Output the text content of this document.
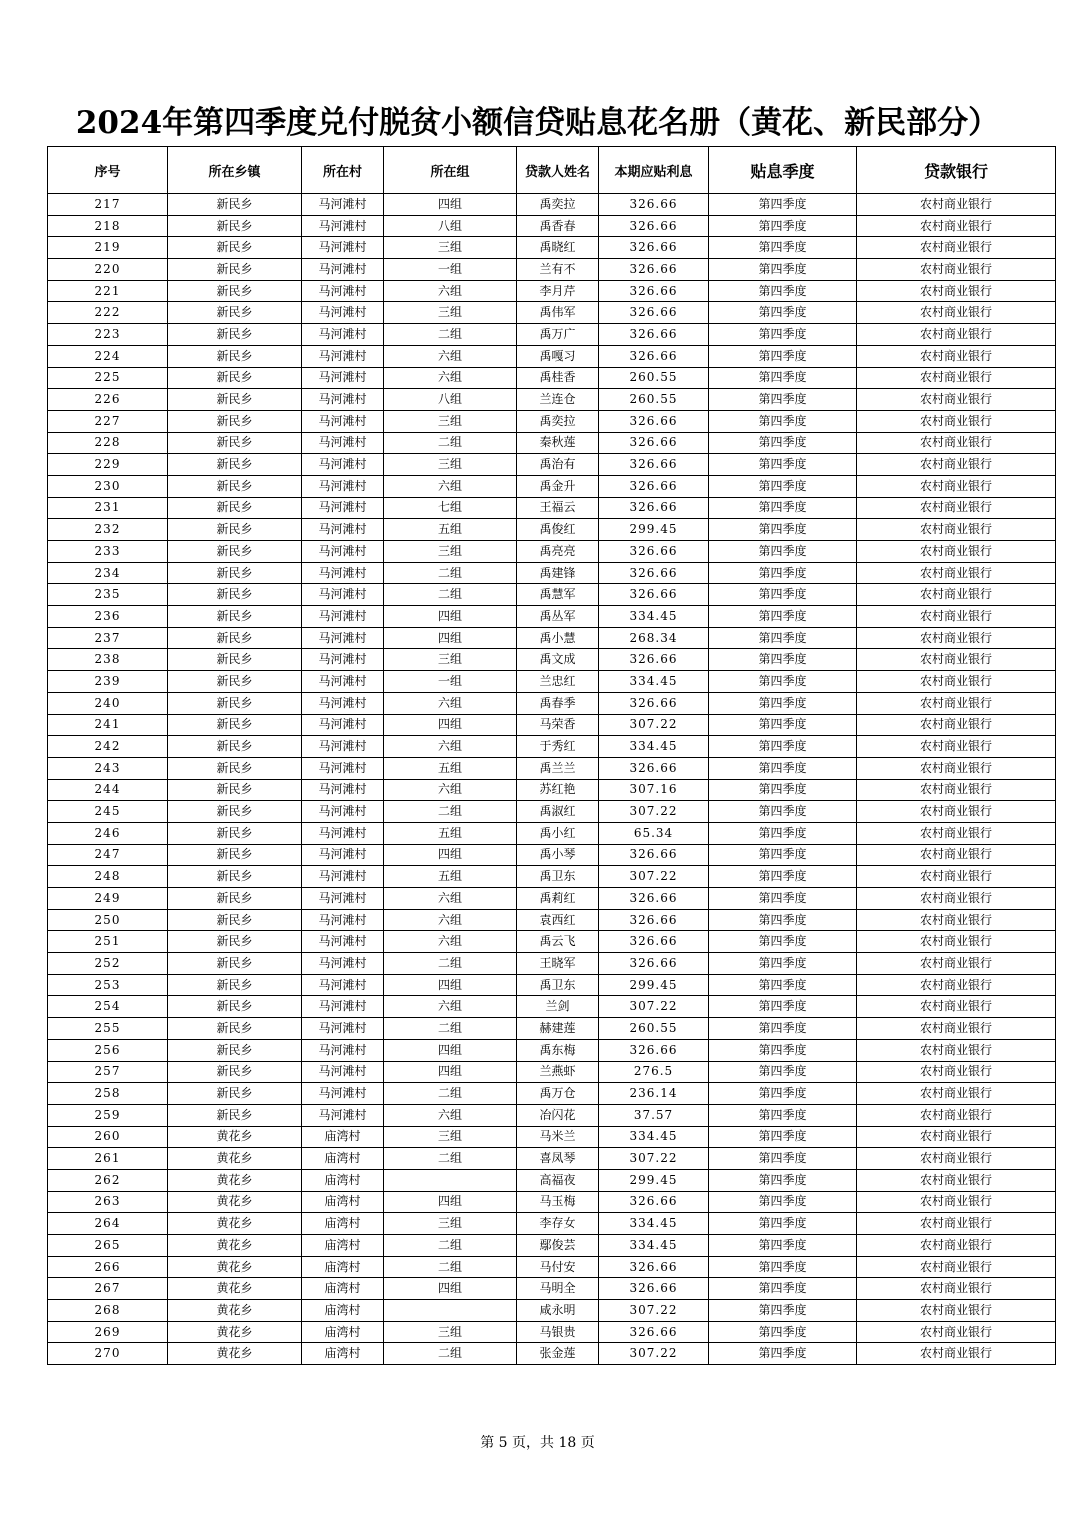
2024年第四季度兑付脱贫小额信贷贴息花名册（黄花、新民部分）
序号	所在乡镇	所在村	所在组	贷款人姓名	本期应贴利息	贴息季度	贷款银行
217	新民乡	马河滩村	四组	禹奕拉	326.66	第四季度	农村商业银行
218	新民乡	马河滩村	八组	禹香春	326.66	第四季度	农村商业银行
219	新民乡	马河滩村	三组	禹晓红	326.66	第四季度	农村商业银行
220	新民乡	马河滩村	一组	兰有不	326.66	第四季度	农村商业银行
221	新民乡	马河滩村	六组	李月芹	326.66	第四季度	农村商业银行
222	新民乡	马河滩村	三组	禹伟军	326.66	第四季度	农村商业银行
223	新民乡	马河滩村	二组	禹万广	326.66	第四季度	农村商业银行
224	新民乡	马河滩村	六组	禹嘎习	326.66	第四季度	农村商业银行
225	新民乡	马河滩村	六组	禹桂香	260.55	第四季度	农村商业银行
226	新民乡	马河滩村	八组	兰连仓	260.55	第四季度	农村商业银行
227	新民乡	马河滩村	三组	禹奕拉	326.66	第四季度	农村商业银行
228	新民乡	马河滩村	二组	秦秋莲	326.66	第四季度	农村商业银行
229	新民乡	马河滩村	三组	禹治有	326.66	第四季度	农村商业银行
230	新民乡	马河滩村	六组	禹金升	326.66	第四季度	农村商业银行
231	新民乡	马河滩村	七组	王福云	326.66	第四季度	农村商业银行
232	新民乡	马河滩村	五组	禹俊红	299.45	第四季度	农村商业银行
233	新民乡	马河滩村	三组	禹亮亮	326.66	第四季度	农村商业银行
234	新民乡	马河滩村	二组	禹建锋	326.66	第四季度	农村商业银行
235	新民乡	马河滩村	二组	禹慧军	326.66	第四季度	农村商业银行
236	新民乡	马河滩村	四组	禹丛军	334.45	第四季度	农村商业银行
237	新民乡	马河滩村	四组	禹小慧	268.34	第四季度	农村商业银行
238	新民乡	马河滩村	三组	禹文成	326.66	第四季度	农村商业银行
239	新民乡	马河滩村	一组	兰忠红	334.45	第四季度	农村商业银行
240	新民乡	马河滩村	六组	禹春季	326.66	第四季度	农村商业银行
241	新民乡	马河滩村	四组	马荣香	307.22	第四季度	农村商业银行
242	新民乡	马河滩村	六组	于秀红	334.45	第四季度	农村商业银行
243	新民乡	马河滩村	五组	禹兰兰	326.66	第四季度	农村商业银行
244	新民乡	马河滩村	六组	苏红艳	307.16	第四季度	农村商业银行
245	新民乡	马河滩村	二组	禹淑红	307.22	第四季度	农村商业银行
246	新民乡	马河滩村	五组	禹小红	65.34	第四季度	农村商业银行
247	新民乡	马河滩村	四组	禹小琴	326.66	第四季度	农村商业银行
248	新民乡	马河滩村	五组	禹卫东	307.22	第四季度	农村商业银行
249	新民乡	马河滩村	六组	禹莉红	326.66	第四季度	农村商业银行
250	新民乡	马河滩村	六组	袁西红	326.66	第四季度	农村商业银行
251	新民乡	马河滩村	六组	禹云飞	326.66	第四季度	农村商业银行
252	新民乡	马河滩村	二组	王晓军	326.66	第四季度	农村商业银行
253	新民乡	马河滩村	四组	禹卫东	299.45	第四季度	农村商业银行
254	新民乡	马河滩村	六组	兰剑	307.22	第四季度	农村商业银行
255	新民乡	马河滩村	二组	赫建莲	260.55	第四季度	农村商业银行
256	新民乡	马河滩村	四组	禹东梅	326.66	第四季度	农村商业银行
257	新民乡	马河滩村	四组	兰燕虾	276.5	第四季度	农村商业银行
258	新民乡	马河滩村	二组	禹万仓	236.14	第四季度	农村商业银行
259	新民乡	马河滩村	六组	冶闪花	37.57	第四季度	农村商业银行
260	黄花乡	庙湾村	三组	马米兰	334.45	第四季度	农村商业银行
261	黄花乡	庙湾村	二组	喜凤琴	307.22	第四季度	农村商业银行
262	黄花乡	庙湾村		高福夜	299.45	第四季度	农村商业银行
263	黄花乡	庙湾村	四组	马玉梅	326.66	第四季度	农村商业银行
264	黄花乡	庙湾村	三组	李存女	334.45	第四季度	农村商业银行
265	黄花乡	庙湾村	二组	鄢俊芸	334.45	第四季度	农村商业银行
266	黄花乡	庙湾村	二组	马付安	326.66	第四季度	农村商业银行
267	黄花乡	庙湾村	四组	马明全	326.66	第四季度	农村商业银行
268	黄花乡	庙湾村		咸永明	307.22	第四季度	农村商业银行
269	黄花乡	庙湾村	三组	马银贵	326.66	第四季度	农村商业银行
270	黄花乡	庙湾村	二组	张金莲	307.22	第四季度	农村商业银行
第 5 页，共 18 页
